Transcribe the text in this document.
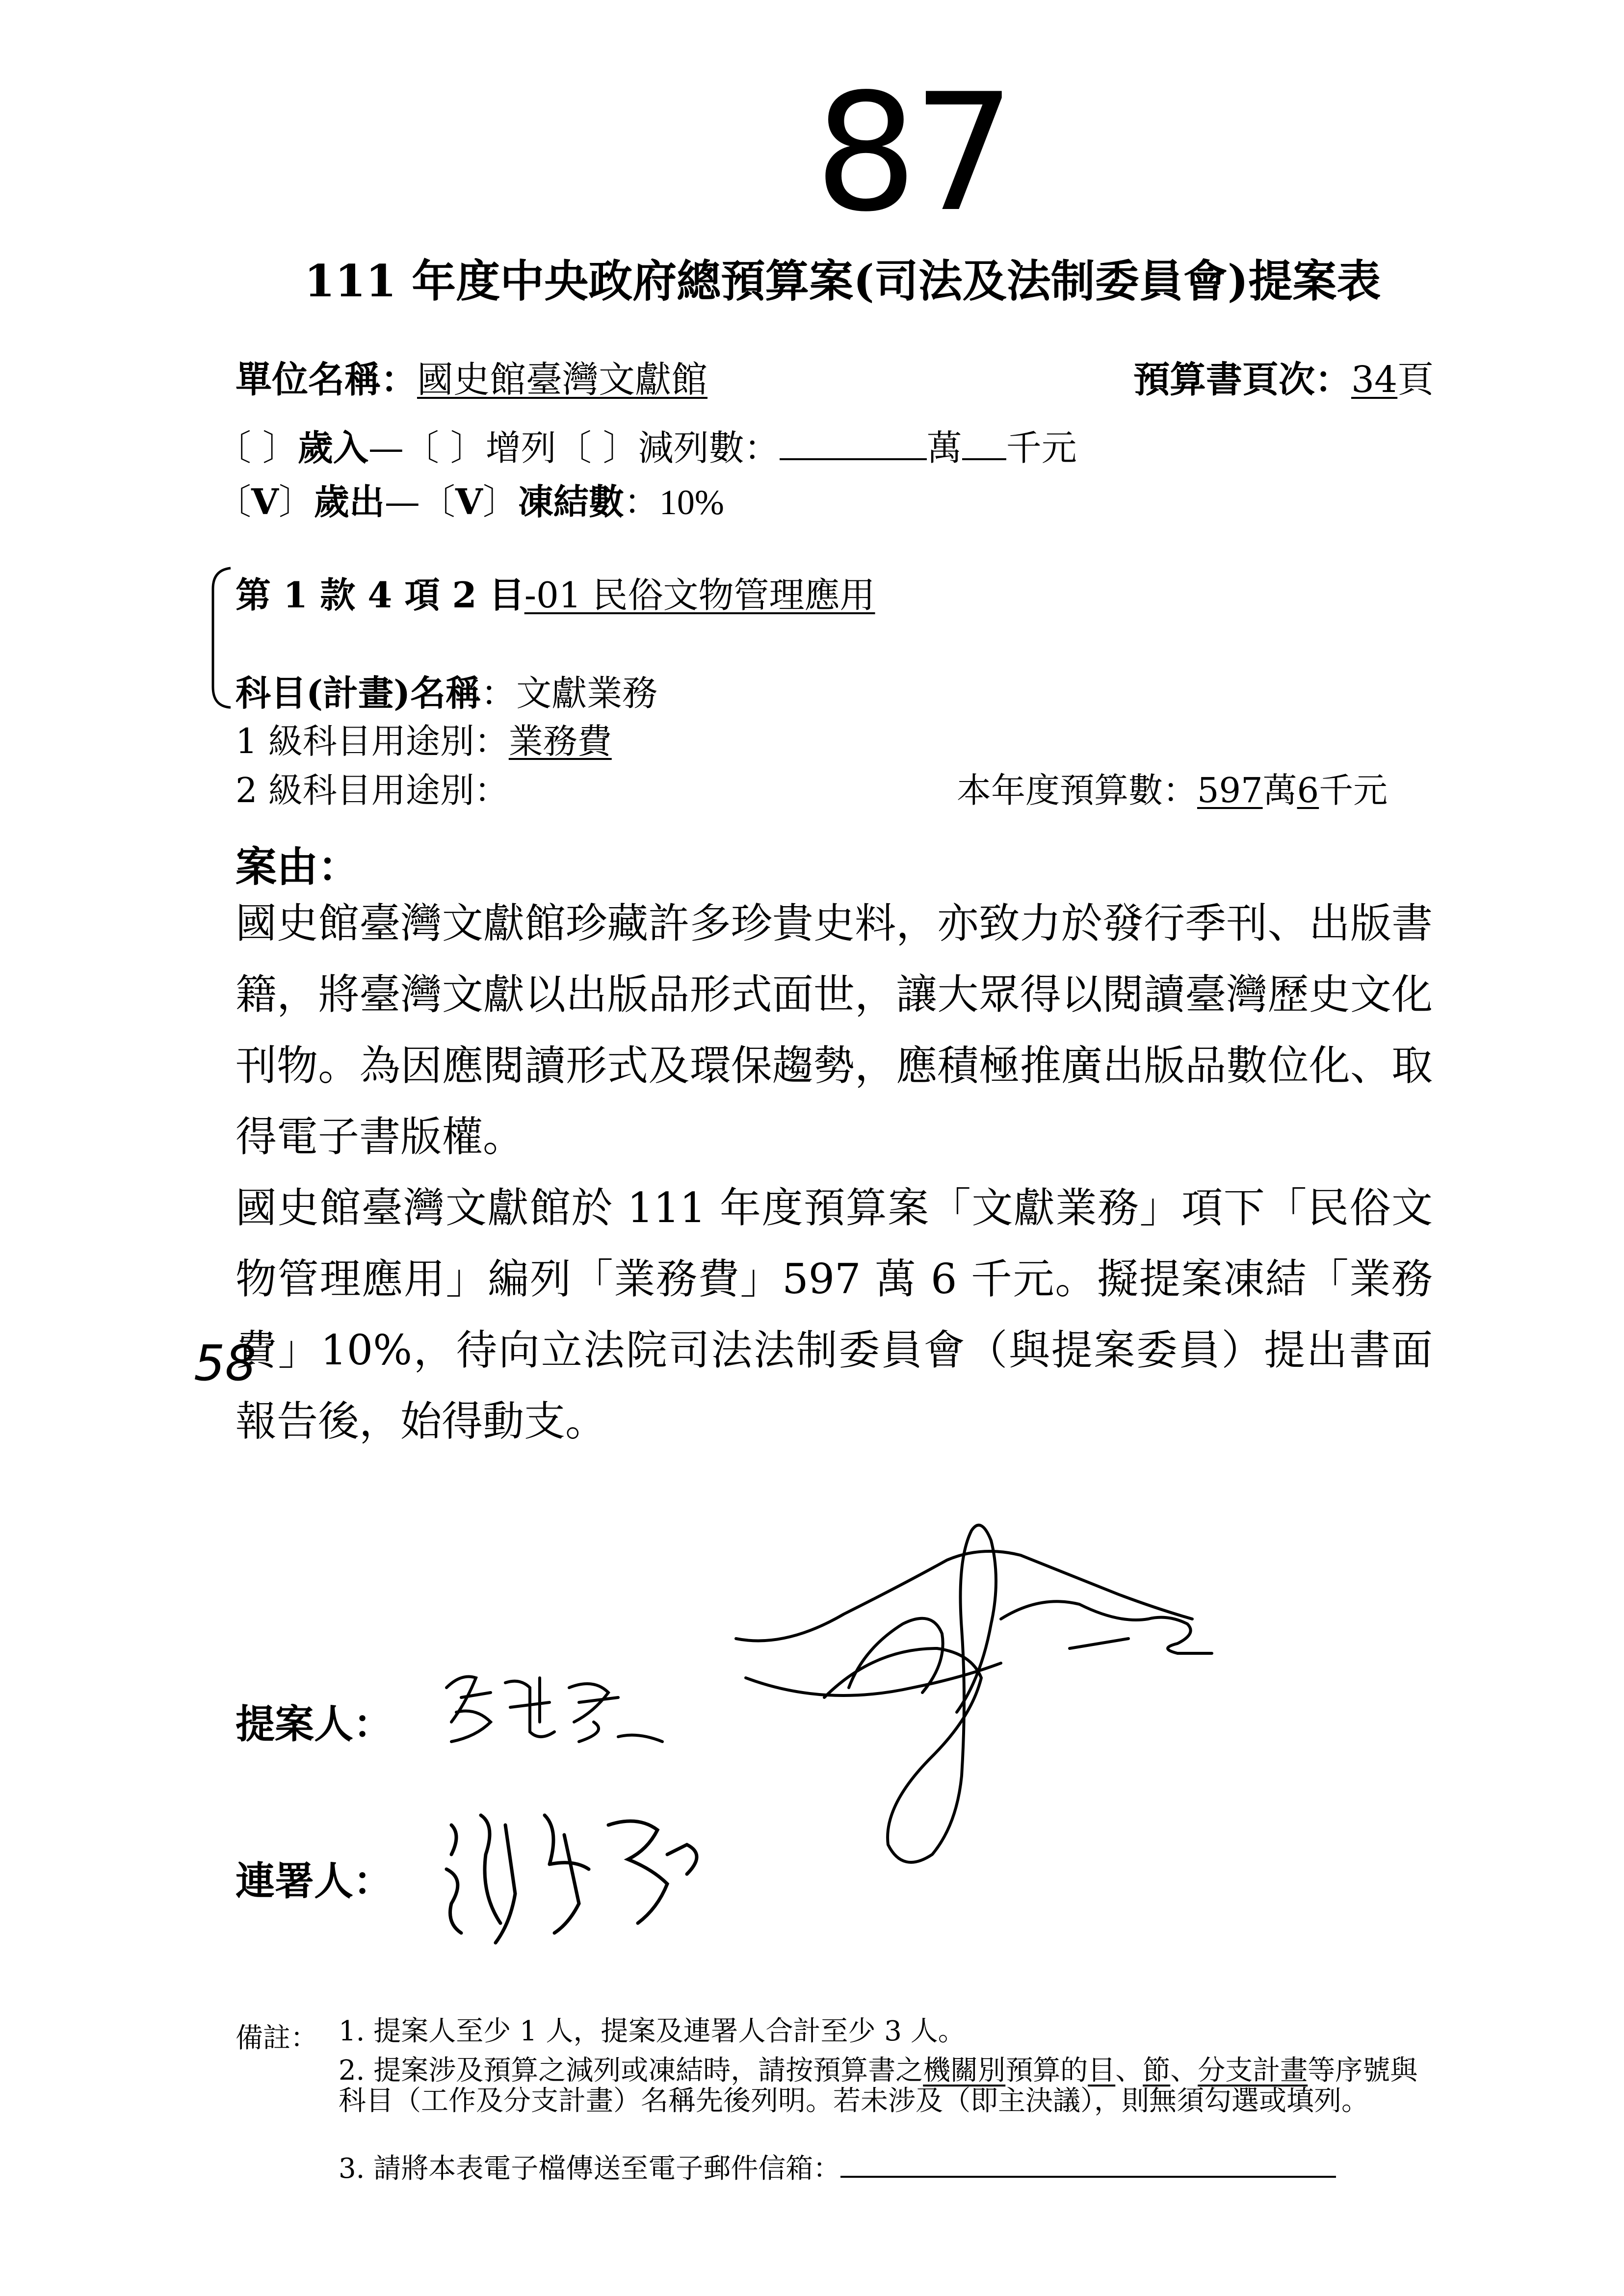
87
111 年度中央政府總預算案(司法及法制委員會)提案表
單位名稱：國史館臺灣文獻館	預算書頁次：34頁
〔 〕歲入—〔 〕增列〔 〕減列數：	萬 千元
〔V〕歲出—〔V〕凍結數：10%
第 1 款 4 項 2 目-01 民俗文物管理應用
科目(計畫)名稱：文獻業務
1 級科目用途別：業務費
2 級科目用途別：	本年度預算數：597萬6千元
案由：
國史館臺灣文獻館珍藏許多珍貴史料，亦致力於發行季刊、出版書籍，將臺灣文獻以出版品形式面世，讓大眾得以閱讀臺灣歷史文化刊物。為因應閱讀形式及環保趨勢，應積極推廣出版品數位化、取得電子書版權。
國史館臺灣文獻館於 111 年度預算案「文獻業務」項下「民俗文物管理應用」編列「業務費」597 萬 6 千元。擬提案凍結「業務費」10%，待向立法院司法法制委員會（與提案委員）提出書面報告後，始得動支。
58
提案人：
連署人：
備註： 1. 提案人至少 1 人，提案及連署人合計至少 3 人。
2. 提案涉及預算之減列或凍結時，請按預算書之機關別預算的目、節、分支計畫等序號與科目（工作及分支計畫）名稱先後列明。若未涉及（即主決議），則無須勾選或填列。
3. 請將本表電子檔傳送至電子郵件信箱：
